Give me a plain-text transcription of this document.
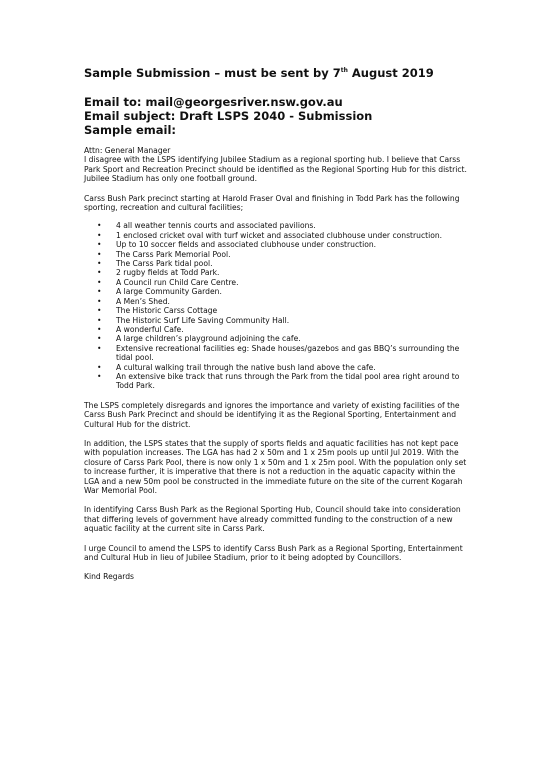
Sample Submission – must be sent by 7th August 2019

Email to: mail@georgesriver.nsw.gov.au

Email subject: Draft LSPS 2040 - Submission

Sample email:

Attn: General Manager

I disagree with the LSPS identifying Jubilee Stadium as a regional sporting hub. I believe that Carss Park Sport and Recreation Precinct should be identified as the Regional Sporting Hub for this district.

Jubilee Stadium has only one football ground.

Carss Bush Park precinct starting at Harold Fraser Oval and finishing in Todd Park has the following sporting, recreation and cultural facilities;

• 4 all weather tennis courts and associated pavilions.
• 1 enclosed cricket oval with turf wicket and associated clubhouse under construction.
• Up to 10 soccer fields and associated clubhouse under construction.
• The Carss Park Memorial Pool.
• The Carss Park tidal pool.
• 2 rugby fields at Todd Park.
• A Council run Child Care Centre.
• A large Community Garden.
• A Men’s Shed.
• The Historic Carss Cottage
• The Historic Surf Life Saving Community Hall.
• A wonderful Cafe.
• A large children’s playground adjoining the cafe.
• Extensive recreational facilities eg: Shade houses/gazebos and gas BBQ’s surrounding the tidal pool.
• A cultural walking trail through the native bush land above the cafe.
• An extensive bike track that runs through the Park from the tidal pool area right around to Todd Park.

The LSPS completely disregards and ignores the importance and variety of existing facilities of the Carss Bush Park Precinct and should be identifying it as the Regional Sporting, Entertainment and Cultural Hub for the district.

In addition, the LSPS states that the supply of sports fields and aquatic facilities has not kept pace with population increases. The LGA has had 2 x 50m and 1 x 25m pools up until Jul 2019. With the closure of Carss Park Pool, there is now only 1 x 50m and 1 x 25m pool. With the population only set to increase further, it is imperative that there is not a reduction in the aquatic capacity within the LGA and a new 50m pool be constructed in the immediate future on the site of the current Kogarah War Memorial Pool.

In identifying Carss Bush Park as the Regional Sporting Hub, Council should take into consideration that differing levels of government have already committed funding to the construction of a new aquatic facility at the current site in Carss Park.

I urge Council to amend the LSPS to identify Carss Bush Park as a Regional Sporting, Entertainment and Cultural Hub in lieu of Jubilee Stadium, prior to it being adopted by Councillors.

Kind Regards
